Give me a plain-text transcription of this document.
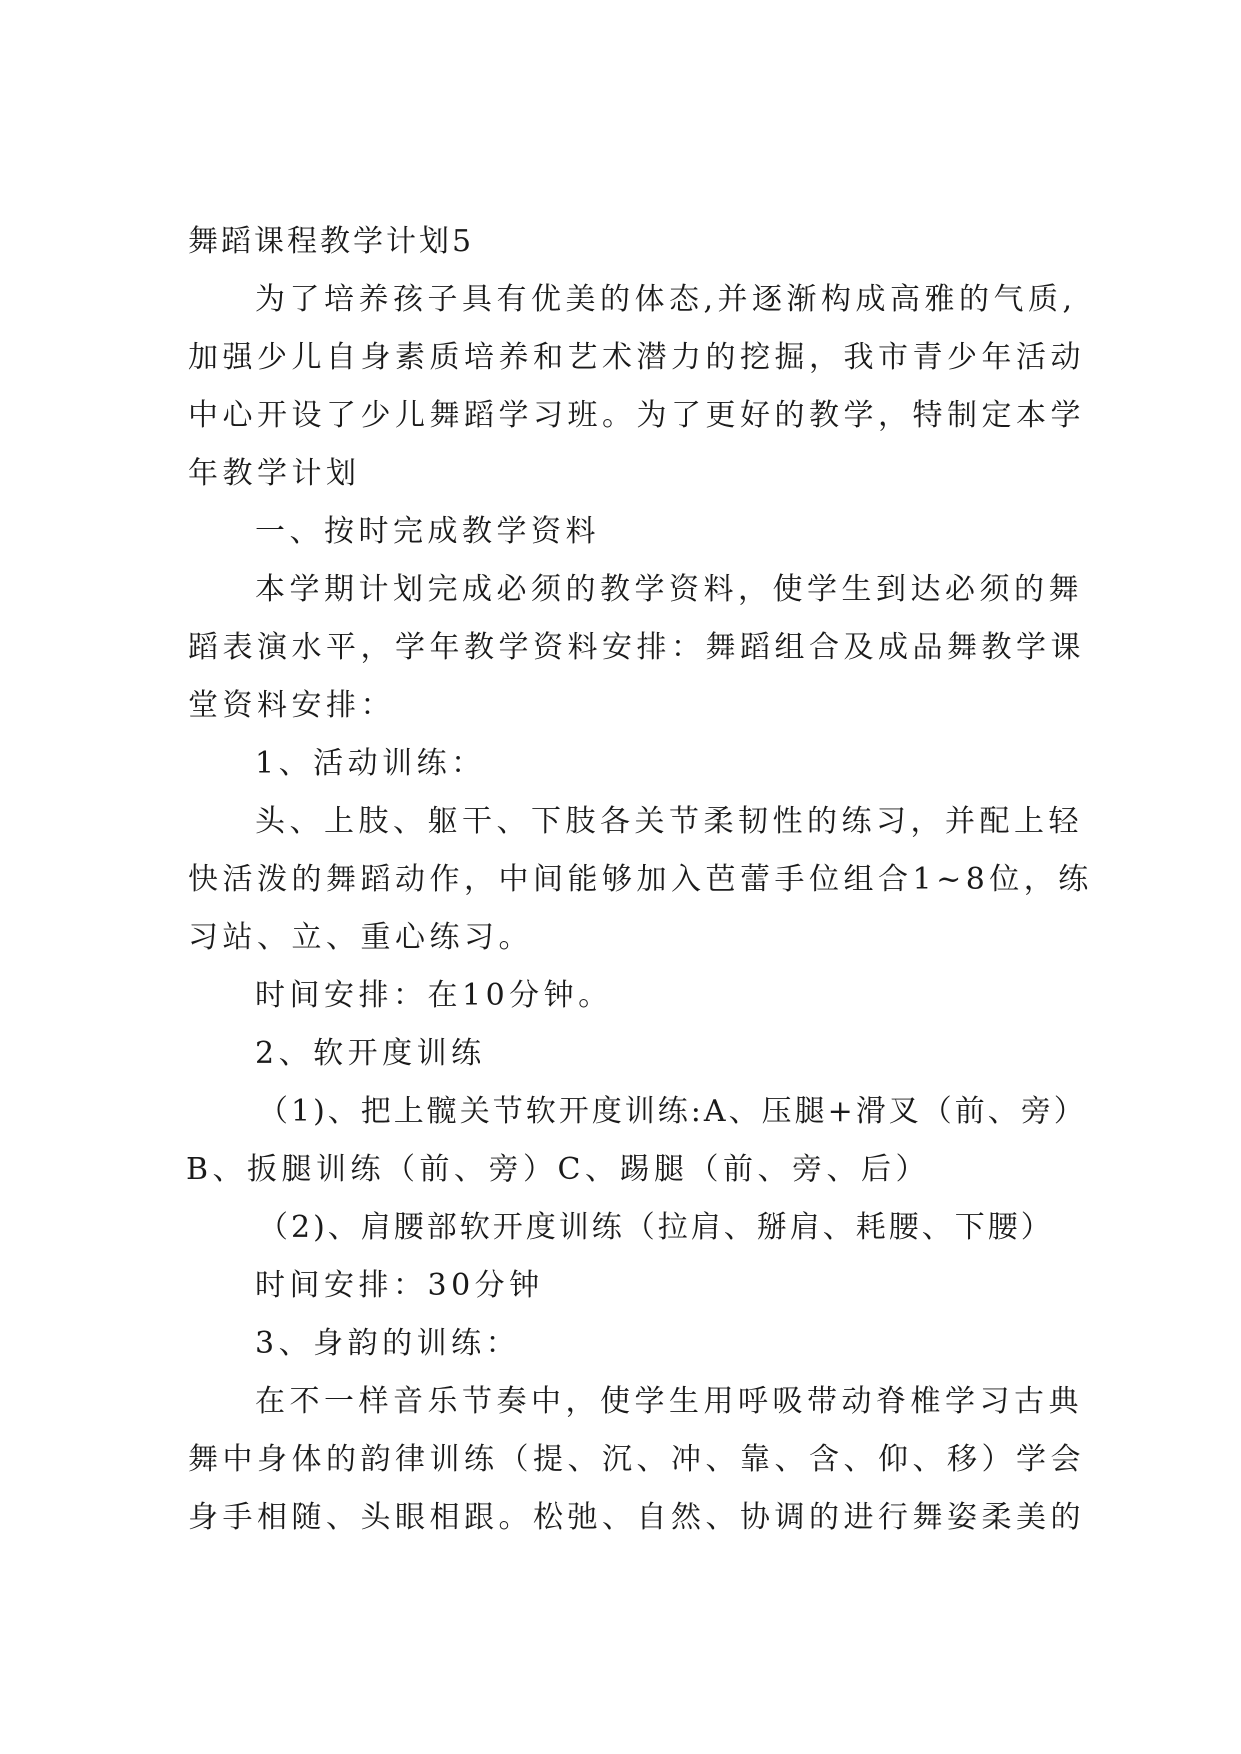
舞蹈课程教学计划5
为了培养孩子具有优美的体态,并逐渐构成高雅的气质,
加强少儿自身素质培养和艺术潜力的挖掘，我市青少年活动
中心开设了少儿舞蹈学习班。为了更好的教学，特制定本学
年教学计划
一、按时完成教学资料
本学期计划完成必须的教学资料，使学生到达必须的舞
蹈表演水平，学年教学资料安排：舞蹈组合及成品舞教学课
堂资料安排：
1、活动训练：
头、上肢、躯干、下肢各关节柔韧性的练习，并配上轻
快活泼的舞蹈动作，中间能够加入芭蕾手位组合1~8位，练
习站、立、重心练习。
时间安排：在10分钟。
2、软开度训练
（1)、把上髋关节软开度训练:A、压腿+滑叉（前、旁）
B、扳腿训练（前、旁）C、踢腿（前、旁、后）
（2)、肩腰部软开度训练（拉肩、掰肩、耗腰、下腰）
时间安排：30分钟
3、身韵的训练：
在不一样音乐节奏中，使学生用呼吸带动脊椎学习古典
舞中身体的韵律训练（提、沉、冲、靠、含、仰、移）学会
身手相随、头眼相跟。松弛、自然、协调的进行舞姿柔美的
